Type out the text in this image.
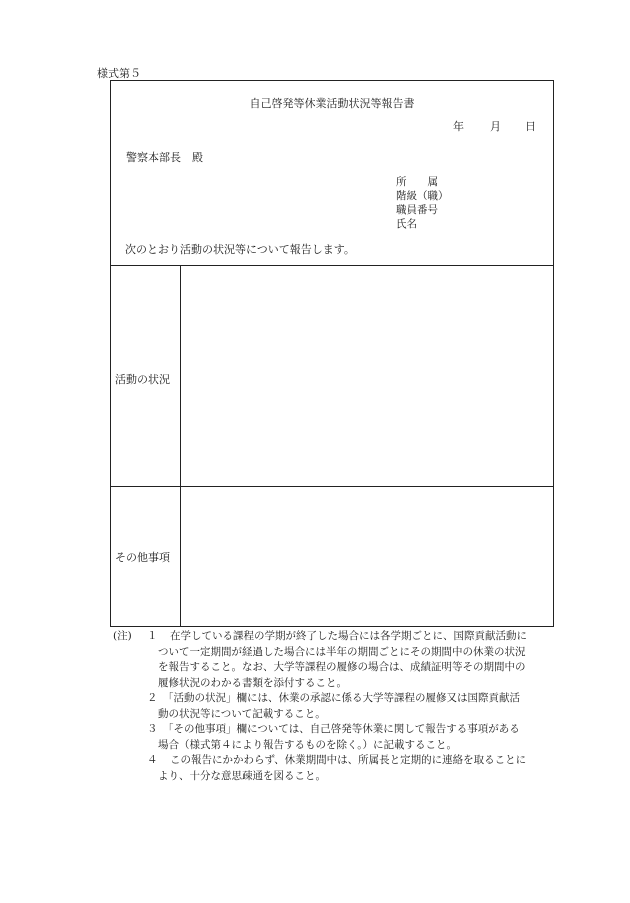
様式第５
自己啓発等休業活動状況等報告書
年 月 日
警察本部長　殿
所　　属
階級（職）
職員番号
氏名
次のとおり活動の状況等について報告します。
活動の状況
その他事項
(注) １ 在学している課程の学期が終了した場合には各学期ごとに、国際貢献活動に
ついて一定期間が経過した場合には半年の期間ごとにその期間中の休業の状況
を報告すること。なお、大学等課程の履修の場合は、成績証明等その期間中の
履修状況のわかる書類を添付すること。
２ 「活動の状況」欄には、休業の承認に係る大学等課程の履修又は国際貢献活
動の状況等について記載すること。
３ 「その他事項」欄については、自己啓発等休業に関して報告する事項がある
場合（様式第４により報告するものを除く。）に記載すること。
４ この報告にかかわらず、休業期間中は、所属長と定期的に連絡を取ることに
より、十分な意思疎通を図ること。
